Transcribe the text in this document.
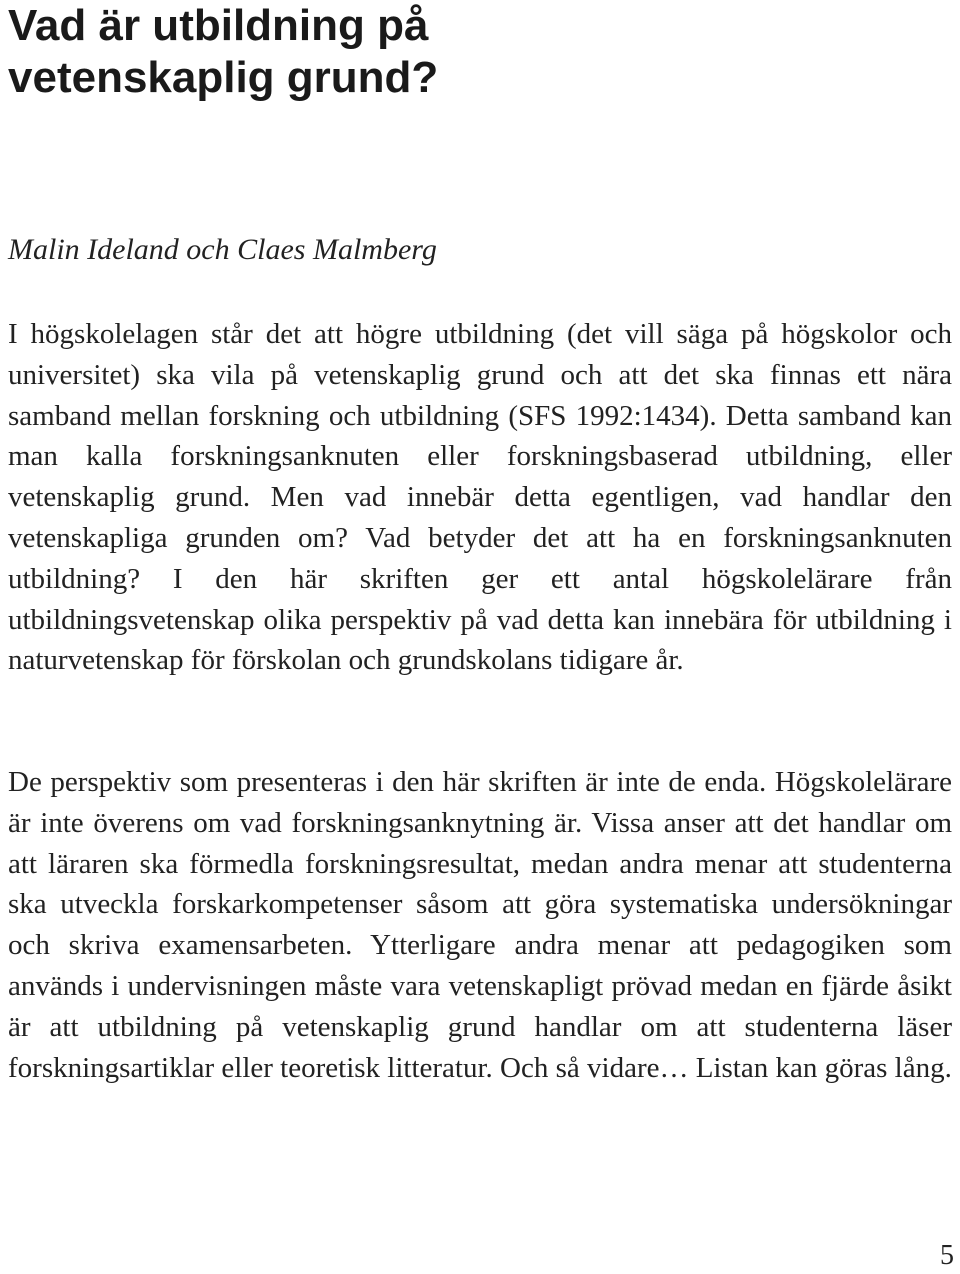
Vad är utbildning på vetenskaplig grund?

Malin Ideland och Claes Malmberg

I högskolelagen står det att högre utbildning (det vill säga på högskolor och universitet) ska vila på vetenskaplig grund och att det ska finnas ett nära samband mellan forskning och utbildning (SFS 1992:1434). Detta samband kan man kalla forskningsanknuten eller forskningsbaserad utbildning, eller vetenskaplig grund. Men vad innebär detta egentligen, vad handlar den vetenskapliga grunden om? Vad betyder det att ha en forskningsanknuten utbildning? I den här skriften ger ett antal högskolelärare från utbildningsvetenskap olika perspektiv på vad detta kan innebära för utbildning i naturvetenskap för förskolan och grundskolans tidigare år.

De perspektiv som presenteras i den här skriften är inte de enda. Högskolelärare är inte överens om vad forskningsanknytning är. Vissa anser att det handlar om att läraren ska förmedla forskningsresultat, medan andra menar att studenterna ska utveckla forskarkompetenser såsom att göra systematiska undersökningar och skriva examensarbeten. Ytterligare andra menar att pedagogiken som används i undervisningen måste vara vetenskapligt prövad medan en fjärde åsikt är att utbildning på vetenskaplig grund handlar om att studenterna läser forskningsartiklar eller teoretisk litteratur. Och så vidare… Listan kan göras lång.

5
